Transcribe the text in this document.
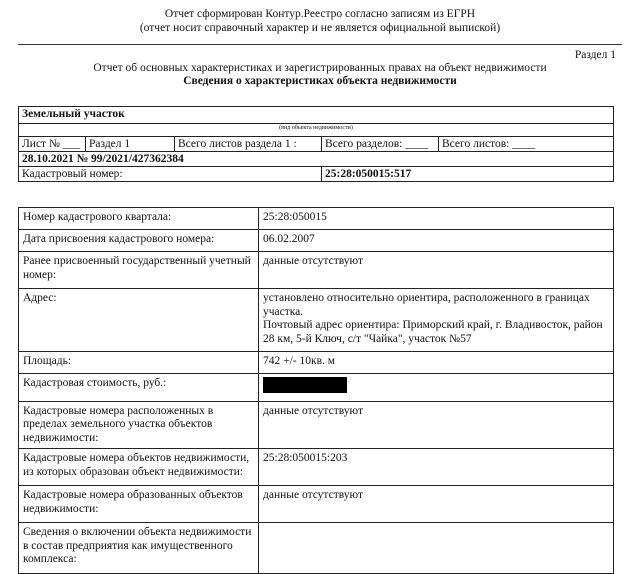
Отчет сформирован Контур.Реестро согласно записям из ЕГРН
(отчет носит справочный характер и не является официальной выпиской)
Раздел 1
Отчет об основных характеристиках и зарегистрированных правах на объект недвижимости
Сведения о характеристиках объекта недвижимости
Земельный участок				
(вид объекта недвижимости)				
Лист № ___	Раздел 1	Всего листов раздела 1 :	Всего разделов: ____	Всего листов: ____
28.10.2021 № 99/2021/427362384				
Кадастровый номер:			25:28:050015:517	
Номер кадастрового квартала:	25:28:050015
Дата присвоения кадастрового номера:	06.02.2007
Ранее присвоенный государственный учетный номер:	данные отсутствуют
Адрес:	установлено относительно ориентира, расположенного в границах участка.
Почтовый адрес ориентира: Приморский край, г. Владивосток, район 28 км, 5-й Ключ, с/т "Чайка", участок №57
Площадь:	742 +/- 10кв. м
Кадастровая стоимость, руб.:	
Кадастровые номера расположенных в пределах земельного участка объектов недвижимости:	данные отсутствуют
Кадастровые номера объектов недвижимости, из которых образован объект недвижимости:	25:28:050015:203
Кадастровые номера образованных объектов недвижимости:	данные отсутствуют
Сведения о включении объекта недвижимости в состав предприятия как имущественного комплекса:	
